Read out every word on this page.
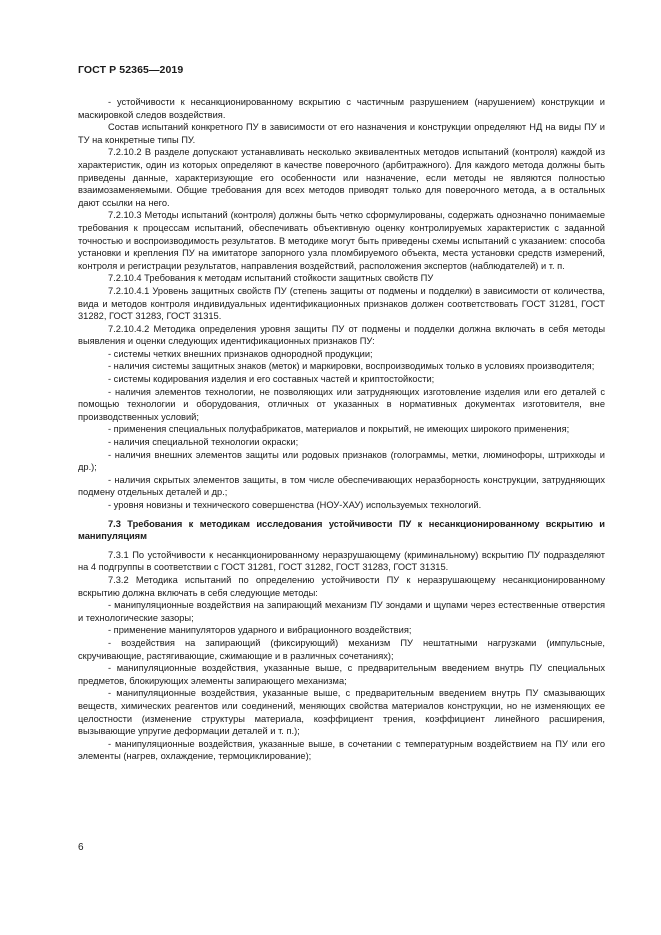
ГОСТ Р 52365—2019

- устойчивости к несанкционированному вскрытию с частичным разрушением (нарушением) конструкции и маскировкой следов воздействия.

Состав испытаний конкретного ПУ в зависимости от его назначения и конструкции определяют НД на виды ПУ и ТУ на конкретные типы ПУ.

7.2.10.2 В разделе допускают устанавливать несколько эквивалентных методов испытаний (контроля) каждой из характеристик, один из которых определяют в качестве поверочного (арбитражного). Для каждого метода должны быть приведены данные, характеризующие его особенности или назначение, если методы не являются полностью взаимозаменяемыми. Общие требования для всех методов приводят только для поверочного метода, а в остальных дают ссылки на него.

7.2.10.3 Методы испытаний (контроля) должны быть четко сформулированы, содержать однозначно понимаемые требования к процессам испытаний, обеспечивать объективную оценку контролируемых характеристик с заданной точностью и воспроизводимость результатов. В методике могут быть приведены схемы испытаний с указанием: способа установки и крепления ПУ на имитаторе запорного узла пломбируемого объекта, места установки средств измерений, контроля и регистрации результатов, направления воздействий, расположения экспертов (наблюдателей) и т. п.

7.2.10.4 Требования к методам испытаний стойкости защитных свойств ПУ

7.2.10.4.1 Уровень защитных свойств ПУ (степень защиты от подмены и подделки) в зависимости от количества, вида и методов контроля индивидуальных идентификационных признаков должен соответствовать ГОСТ 31281, ГОСТ 31282, ГОСТ 31283, ГОСТ 31315.

7.2.10.4.2 Методика определения уровня защиты ПУ от подмены и подделки должна включать в себя методы выявления и оценки следующих идентификационных признаков ПУ:

- системы четких внешних признаков однородной продукции;

- наличия системы защитных знаков (меток) и маркировки, воспроизводимых только в условиях производителя;

- системы кодирования изделия и его составных частей и криптостойкости;

- наличия элементов технологии, не позволяющих или затрудняющих изготовление изделия или его деталей с помощью технологии и оборудования, отличных от указанных в нормативных документах изготовителя, вне производственных условий;

- применения специальных полуфабрикатов, материалов и покрытий, не имеющих широкого применения;

- наличия специальной технологии окраски;

- наличия внешних элементов защиты или родовых признаков (голограммы, метки, люминофоры, штрихкоды и др.);

- наличия скрытых элементов защиты, в том числе обеспечивающих неразборность конструкции, затрудняющих подмену отдельных деталей и др.;

- уровня новизны и технического совершенства (НОУ-ХАУ) используемых технологий.

7.3 Требования к методикам исследования устойчивости ПУ к несанкционированному вскрытию и манипуляциям

7.3.1 По устойчивости к несанкционированному неразрушающему (криминальному) вскрытию ПУ подразделяют на 4 подгруппы в соответствии с ГОСТ 31281, ГОСТ 31282, ГОСТ 31283, ГОСТ 31315.

7.3.2 Методика испытаний по определению устойчивости ПУ к неразрушающему несанкционированному вскрытию должна включать в себя следующие методы:

- манипуляционные воздействия на запирающий механизм ПУ зондами и щупами через естественные отверстия и технологические зазоры;

- применение манипуляторов ударного и вибрационного воздействия;

- воздействия на запирающий (фиксирующий) механизм ПУ нештатными нагрузками (импульсные, скручивающие, растягивающие, сжимающие и в различных сочетаниях);

- манипуляционные воздействия, указанные выше, с предварительным введением внутрь ПУ специальных предметов, блокирующих элементы запирающего механизма;

- манипуляционные воздействия, указанные выше, с предварительным введением внутрь ПУ смазывающих веществ, химических реагентов или соединений, меняющих свойства материалов конструкции, но не изменяющих ее целостности (изменение структуры материала, коэффициент трения, коэффициент линейного расширения, вызывающие упругие деформации деталей и т. п.);

- манипуляционные воздействия, указанные выше, в сочетании с температурным воздействием на ПУ или его элементы (нагрев, охлаждение, термоциклирование);

6
